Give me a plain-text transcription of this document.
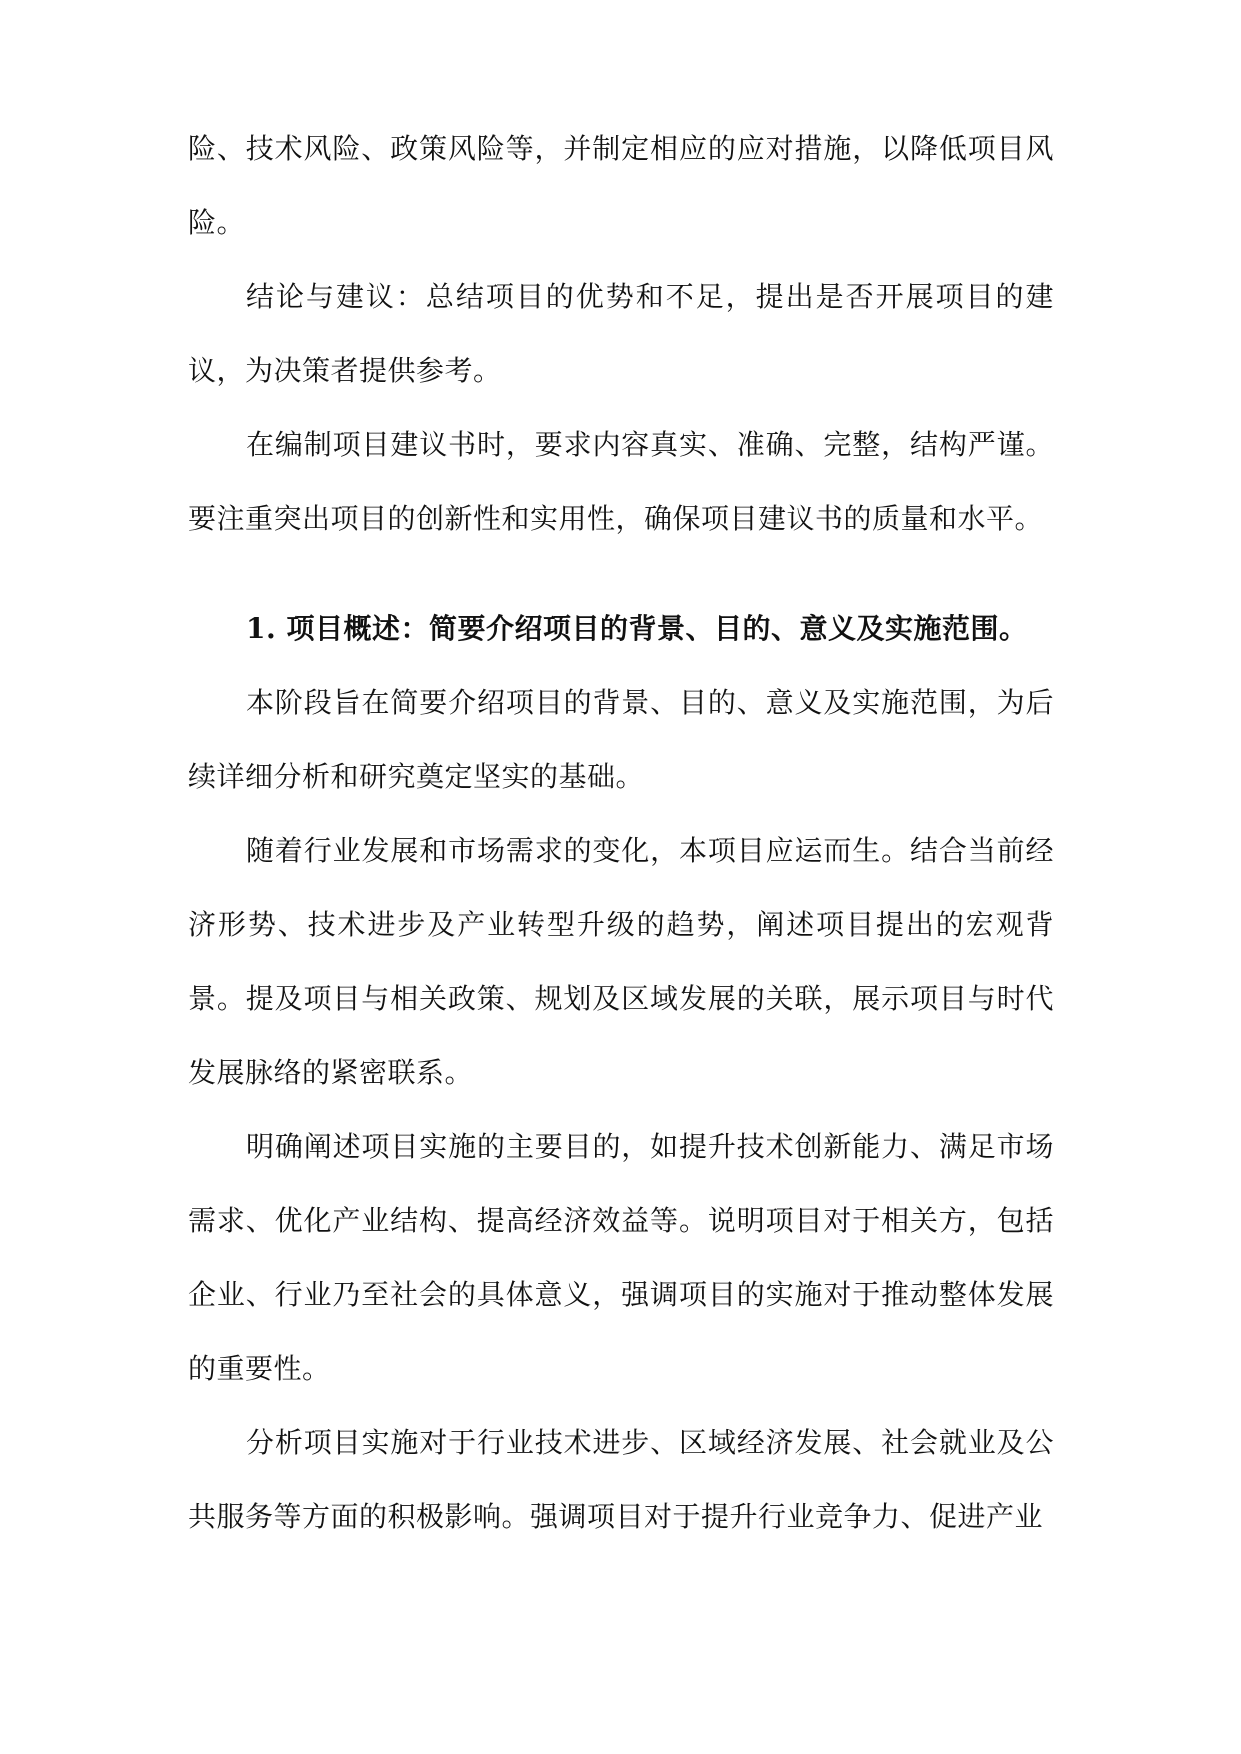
险、技术风险、政策风险等，并制定相应的应对措施，以降低项目风险。

结论与建议：总结项目的优势和不足，提出是否开展项目的建议，为决策者提供参考。

在编制项目建议书时，要求内容真实、准确、完整，结构严谨。要注重突出项目的创新性和实用性，确保项目建议书的质量和水平。

1. 项目概述：简要介绍项目的背景、目的、意义及实施范围。

本阶段旨在简要介绍项目的背景、目的、意义及实施范围，为后续详细分析和研究奠定坚实的基础。

随着行业发展和市场需求的变化，本项目应运而生。结合当前经济形势、技术进步及产业转型升级的趋势，阐述项目提出的宏观背景。提及项目与相关政策、规划及区域发展的关联，展示项目与时代发展脉络的紧密联系。

明确阐述项目实施的主要目的，如提升技术创新能力、满足市场需求、优化产业结构、提高经济效益等。说明项目对于相关方，包括企业、行业乃至社会的具体意义，强调项目的实施对于推动整体发展的重要性。

分析项目实施对于行业技术进步、区域经济发展、社会就业及公共服务等方面的积极影响。强调项目对于提升行业竞争力、促进产业
